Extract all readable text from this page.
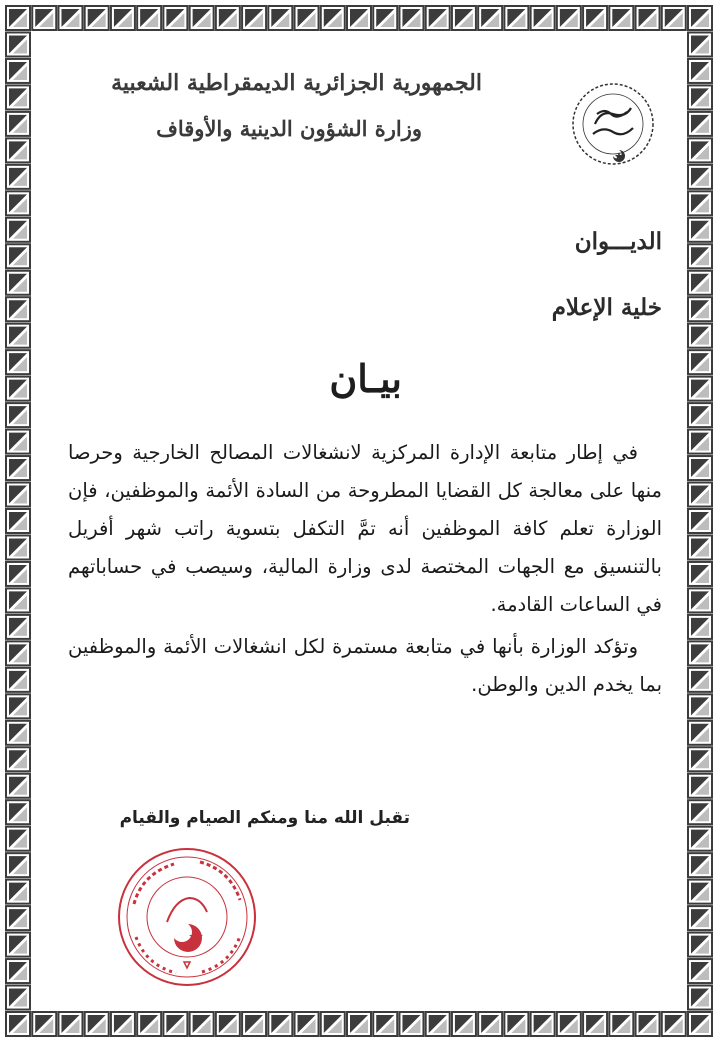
الجمهورية الجزائرية الديمقراطية الشعبية
وزارة الشؤون الدينية والأوقاف
الديـــوان
خلية الإعلام
بيـان

في إطار متابعة الإدارة المركزية لانشغالات المصالح الخارجية وحرصا منها على معالجة كل القضايا المطروحة من السادة الأئمة والموظفين، فإن الوزارة تعلم كافة الموظفين أنه تمَّ التكفل بتسوية راتب شهر أفريل بالتنسيق مع الجهات المختصة لدى وزارة المالية، وسيصب في حساباتهم في الساعات القادمة.

وتؤكد الوزارة بأنها في متابعة مستمرة لكل انشغالات الأئمة والموظفين بما يخدم الدين والوطن.

تقبل الله منا ومنكم الصيام والقيام
